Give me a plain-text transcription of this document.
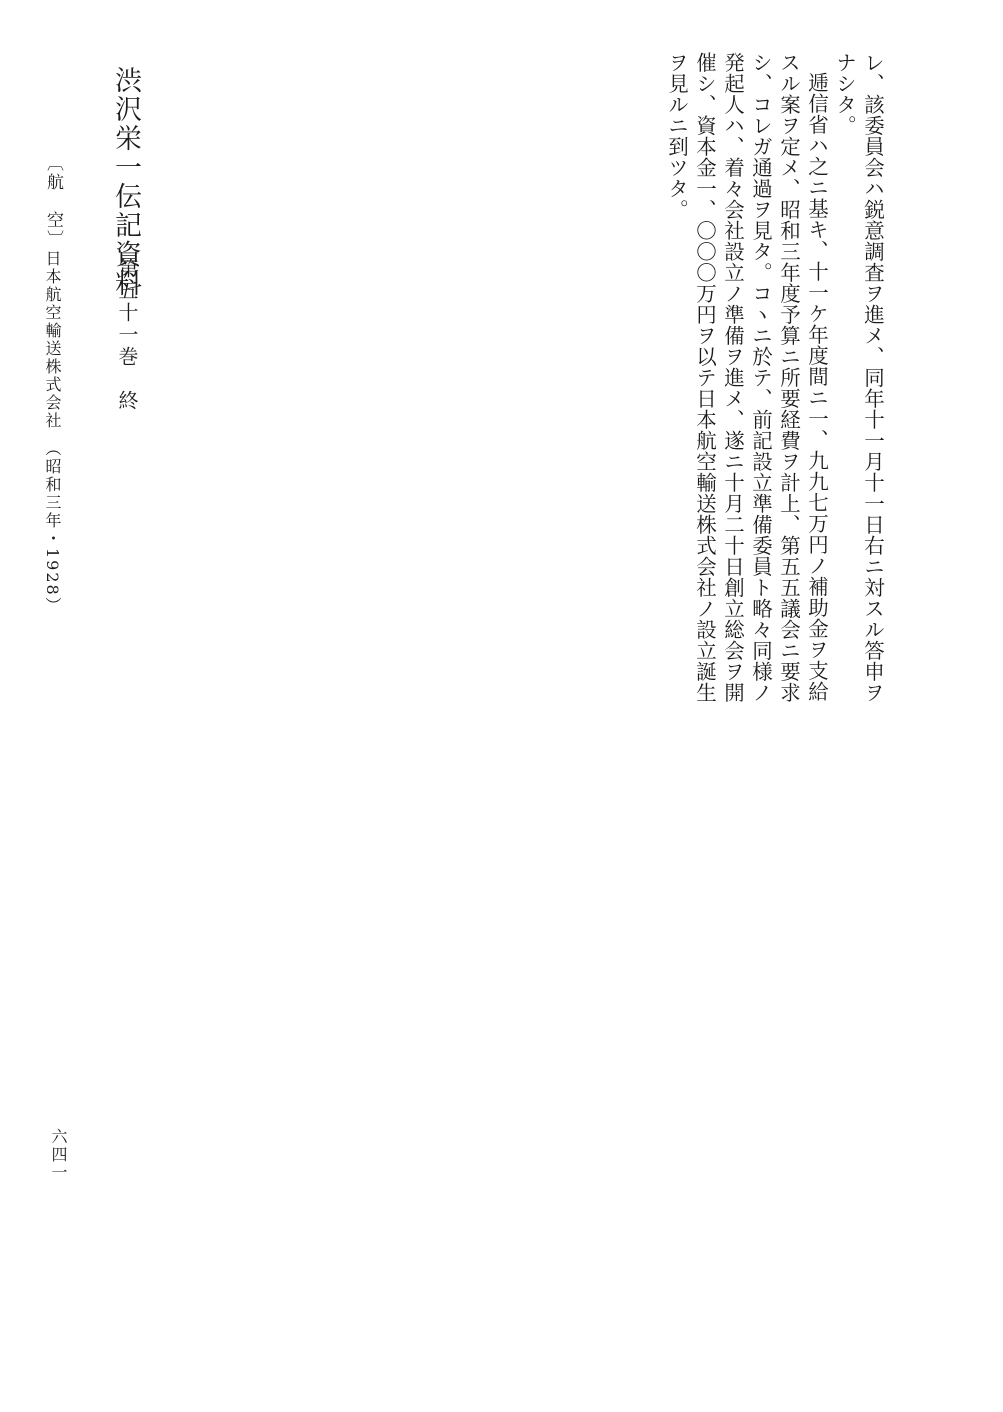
レ、該委員会ハ鋭意調査ヲ進メ、同年十一月十一日右ニ対スル答申ヲ
ナシタ。
逓信省ハ之ニ基キ、十一ケ年度間ニ一、九九七万円ノ補助金ヲ支給
スル案ヲ定メ、昭和三年度予算ニ所要経費ヲ計上、第五五議会ニ要求
シ、コレガ通過ヲ見タ。コヽニ於テ、前記設立準備委員ト略々同様ノ
発起人ハ、着々会社設立ノ準備ヲ進メ、遂ニ十月二十日創立総会ヲ開
催シ、資本金一、〇〇〇万円ヲ以テ日本航空輸送株式会社ノ設立誕生
ヲ見ルニ到ツタ。
渋沢栄一伝記資料
第五十一巻　終
〔航　空〕
日本航空輸送株式会社　（昭和三年・1928）
六四一
